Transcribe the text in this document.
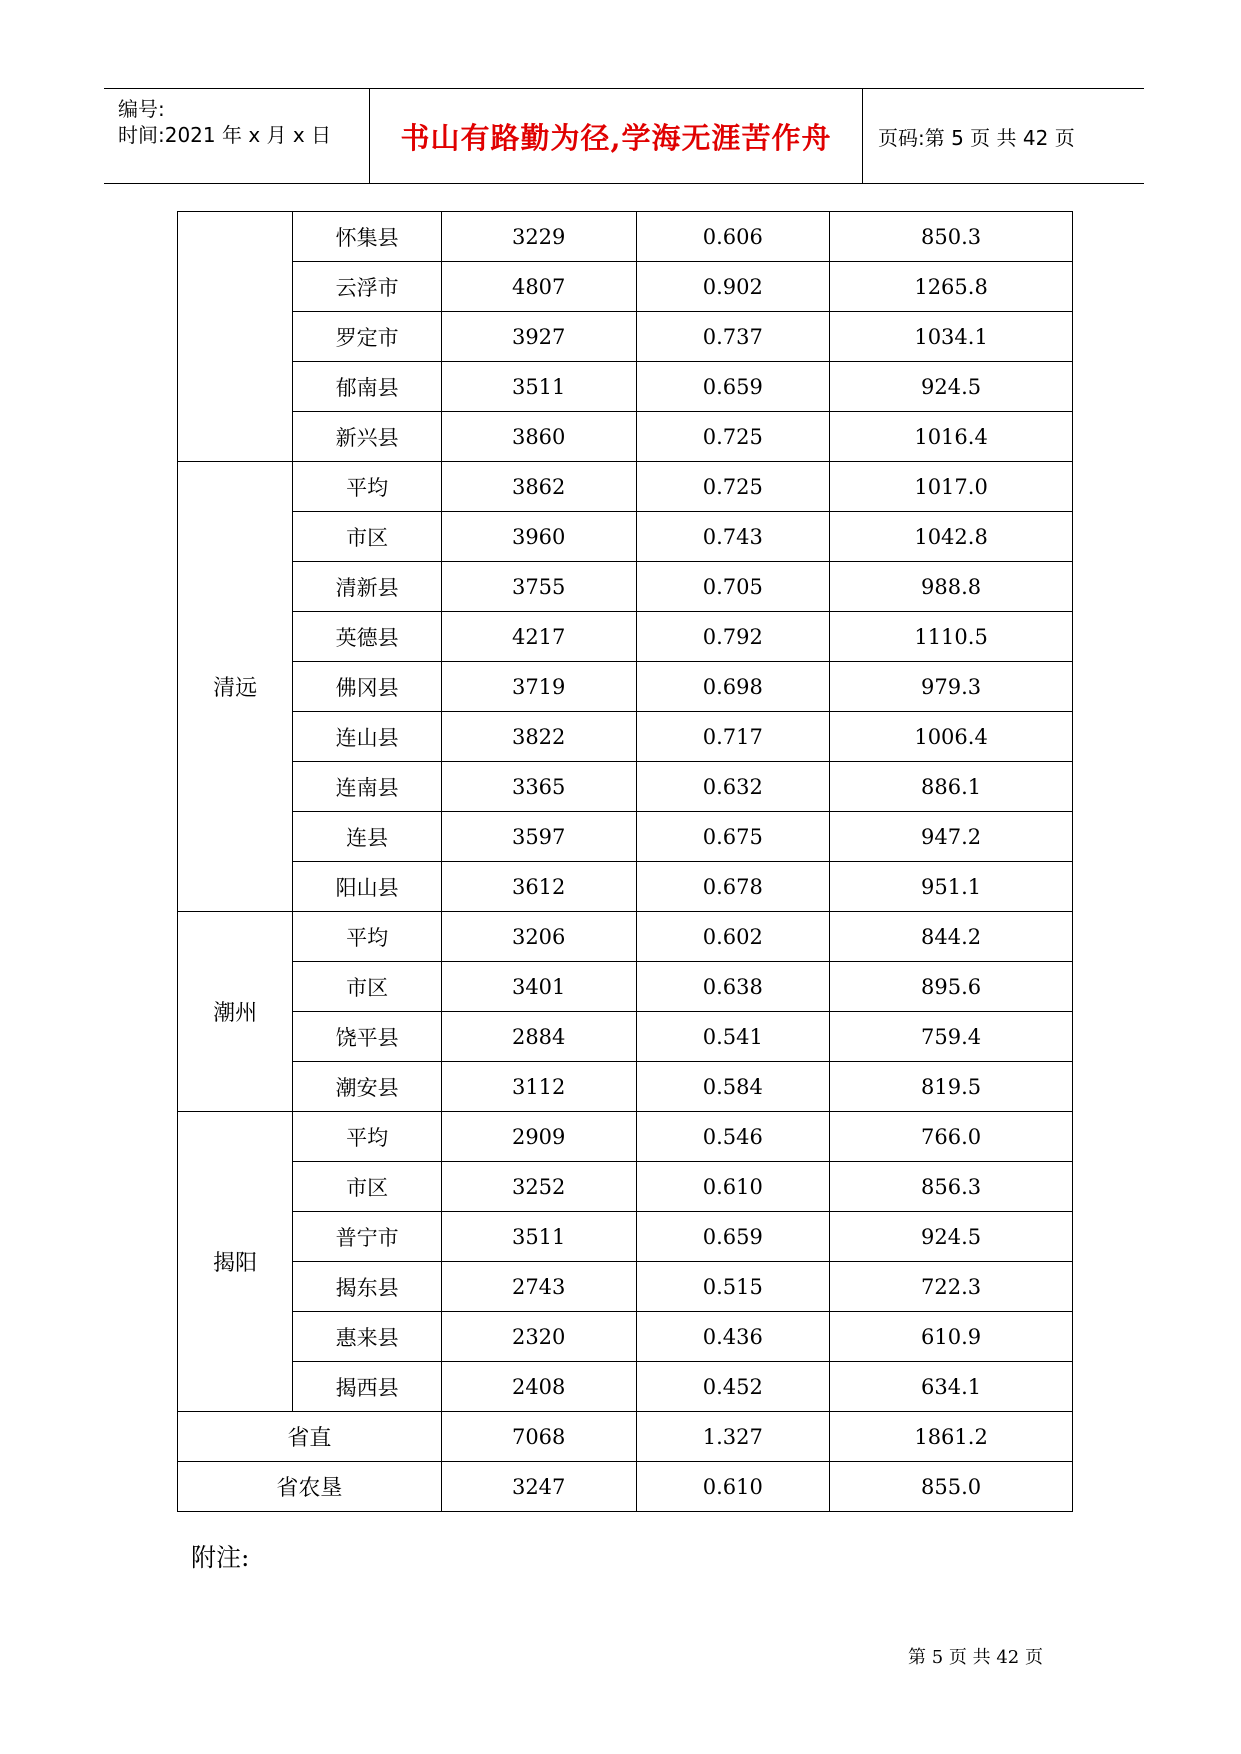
编号:
时间:2021 年 x 月 x 日	书山有路勤为径,学海无涯苦作舟	页码:第 5 页 共 42 页
	怀集县	3229	0.606	850.3
	云浮市	4807	0.902	1265.8
	罗定市	3927	0.737	1034.1
	郁南县	3511	0.659	924.5
	新兴县	3860	0.725	1016.4
清远	平均	3862	0.725	1017.0
	市区	3960	0.743	1042.8
	清新县	3755	0.705	988.8
	英德县	4217	0.792	1110.5
	佛冈县	3719	0.698	979.3
	连山县	3822	0.717	1006.4
	连南县	3365	0.632	886.1
	连县	3597	0.675	947.2
	阳山县	3612	0.678	951.1
潮州	平均	3206	0.602	844.2
	市区	3401	0.638	895.6
	饶平县	2884	0.541	759.4
	潮安县	3112	0.584	819.5
揭阳	平均	2909	0.546	766.0
	市区	3252	0.610	856.3
	普宁市	3511	0.659	924.5
	揭东县	2743	0.515	722.3
	惠来县	2320	0.436	610.9
	揭西县	2408	0.452	634.1
省直		7068	1.327	1861.2
省农垦		3247	0.610	855.0
附注:
第 5 页 共 42 页
